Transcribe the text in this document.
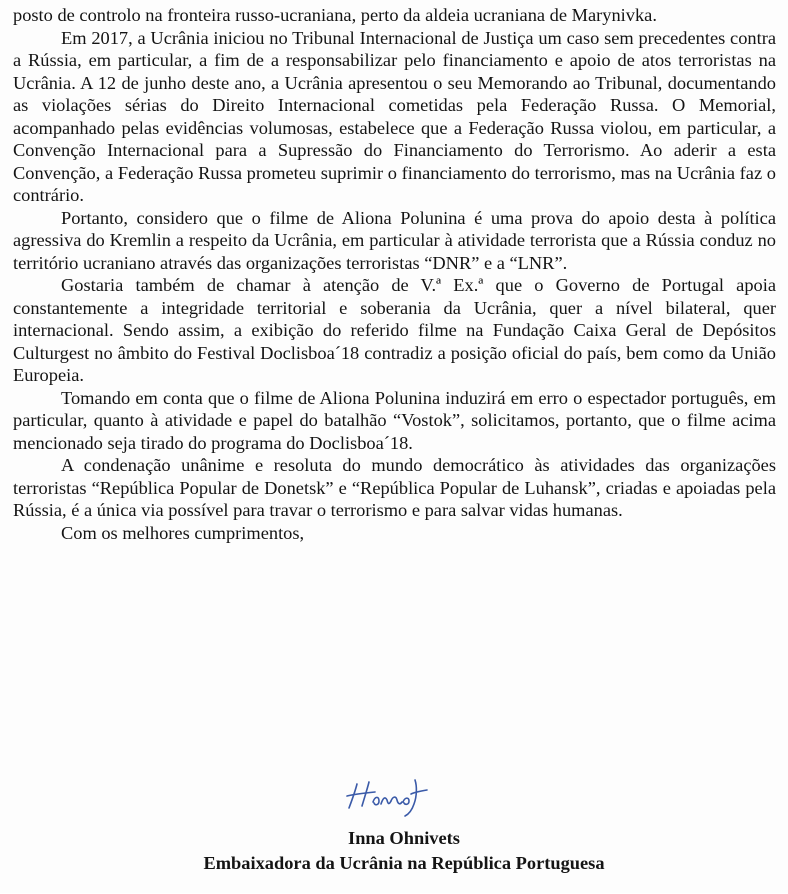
posto de controlo na fronteira russo-ucraniana, perto da aldeia ucraniana de Marynivka.

Em 2017, a Ucrânia iniciou no Tribunal Internacional de Justiça um caso sem precedentes contra a Rússia, em particular, a fim de a responsabilizar pelo financiamento e apoio de atos terroristas na Ucrânia. A 12 de junho deste ano, a Ucrânia apresentou o seu Memorando ao Tribunal, documentando as violações sérias do Direito Internacional cometidas pela Federação Russa. O Memorial, acompanhado pelas evidências volumosas, estabelece que a Federação Russa violou, em particular, a Convenção Internacional para a Supressão do Financiamento do Terrorismo. Ao aderir a esta Convenção, a Federação Russa prometeu suprimir o financiamento do terrorismo, mas na Ucrânia faz o contrário.

Portanto, considero que o filme de Aliona Polunina é uma prova do apoio desta à política agressiva do Kremlin a respeito da Ucrânia, em particular à atividade terrorista que a Rússia conduz no território ucraniano através das organizações terroristas “DNR” e a “LNR”.

Gostaria também de chamar à atenção de V.ª Ex.ª que o Governo de Portugal apoia constantemente a integridade territorial e soberania da Ucrânia, quer a nível bilateral, quer internacional. Sendo assim, a exibição do referido filme na Fundação Caixa Geral de Depósitos Culturgest no âmbito do Festival Doclisboa´18 contradiz a posição oficial do país, bem como da União Europeia.

Tomando em conta que o filme de Aliona Polunina induzirá em erro o espectador português, em particular, quanto à atividade e papel do batalhão “Vostok”, solicitamos, portanto, que o filme acima mencionado seja tirado do programa do Doclisboa´18.

A condenação unânime e resoluta do mundo democrático às atividades das organizações terroristas “República Popular de Donetsk” e “República Popular de Luhansk”, criadas e apoiadas pela Rússia, é a única via possível para travar o terrorismo e para salvar vidas humanas.

Com os melhores cumprimentos,

Inna Ohnivets
Embaixadora da Ucrânia na República Portuguesa
